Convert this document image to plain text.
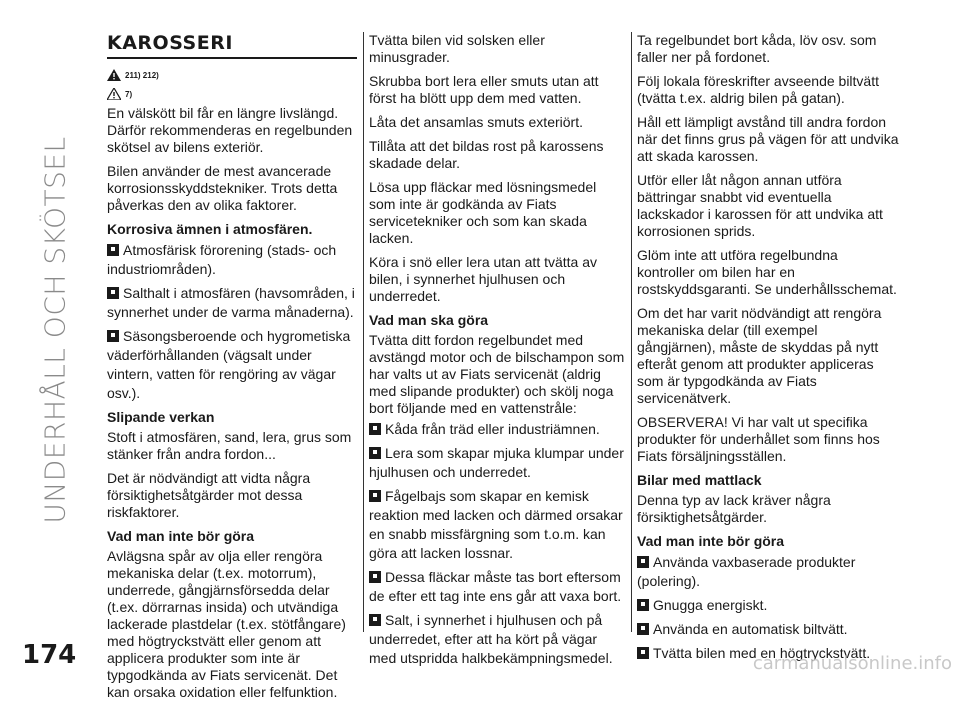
UNDERHÅLL OCH SKÖTSEL
174
KAROSSERI
211) 212)
7)

En välskött bil får en längre livslängd. Därför rekommenderas en regelbunden skötsel av bilens exteriör.

Bilen använder de mest avancerade korrosionsskyddstekniker. Trots detta påverkas den av olika faktorer.

Korrosiva ämnen i atmosfären.
Atmosfärisk förorening (stads- och industriområden).
Salthalt i atmosfären (havsområden, i synnerhet under de varma månaderna).
Säsongsberoende och hygrometiska väderförhållanden (vägsalt under vintern, vatten för rengöring av vägar osv.).
Slipande verkan

Stoft i atmosfären, sand, lera, grus som stänker från andra fordon...

Det är nödvändigt att vidta några försiktighetsåtgärder mot dessa riskfaktorer.

Vad man inte bör göra

Avlägsna spår av olja eller rengöra mekaniska delar (t.ex. motorrum), underrede, gångjärnsförsedda delar (t.ex. dörrarnas insida) och utvändiga lackerade plastdelar (t.ex. stötfångare) med högtryckstvätt eller genom att applicera produkter som inte är typgodkända av Fiats servicenät. Det kan orsaka oxidation eller felfunktion.

Tvätta bilen vid solsken eller minusgrader.

Skrubba bort lera eller smuts utan att först ha blött upp dem med vatten.

Låta det ansamlas smuts exteriört.

Tillåta att det bildas rost på karossens skadade delar.

Lösa upp fläckar med lösningsmedel som inte är godkända av Fiats servicetekniker och som kan skada lacken.

Köra i snö eller lera utan att tvätta av bilen, i synnerhet hjulhusen och underredet.

Vad man ska göra

Tvätta ditt fordon regelbundet med avstängd motor och de bilschampon som har valts ut av Fiats servicenät (aldrig med slipande produkter) och skölj noga bort följande med en vattenstråle:

Kåda från träd eller industriämnen.
Lera som skapar mjuka klumpar under hjulhusen och underredet.
Fågelbajs som skapar en kemisk reaktion med lacken och därmed orsakar en snabb missfärgning som t.o.m. kan göra att lacken lossnar.
Dessa fläckar måste tas bort eftersom de efter ett tag inte ens går att vaxa bort.
Salt, i synnerhet i hjulhusen och på underredet, efter att ha kört på vägar med utspridda halkbekämpningsmedel.

Ta regelbundet bort kåda, löv osv. som faller ner på fordonet.

Följ lokala föreskrifter avseende biltvätt (tvätta t.ex. aldrig bilen på gatan).

Håll ett lämpligt avstånd till andra fordon när det finns grus på vägen för att undvika att skada karossen.

Utför eller låt någon annan utföra bättringar snabbt vid eventuella lackskador i karossen för att undvika att korrosionen sprids.

Glöm inte att utföra regelbundna kontroller om bilen har en rostskyddsgaranti. Se underhållsschemat.

Om det har varit nödvändigt att rengöra mekaniska delar (till exempel gångjärnen), måste de skyddas på nytt efteråt genom att produkter appliceras som är typgodkända av Fiats servicenätverk.

OBSERVERA! Vi har valt ut specifika produkter för underhållet som finns hos Fiats försäljningsställen.

Bilar med mattlack

Denna typ av lack kräver några försiktighetsåtgärder.

Vad man inte bör göra
Använda vaxbaserade produkter (polering).
Gnugga energiskt.
Använda en automatisk biltvätt.
Tvätta bilen med en högtryckstvätt.
carmanualsonline.info
